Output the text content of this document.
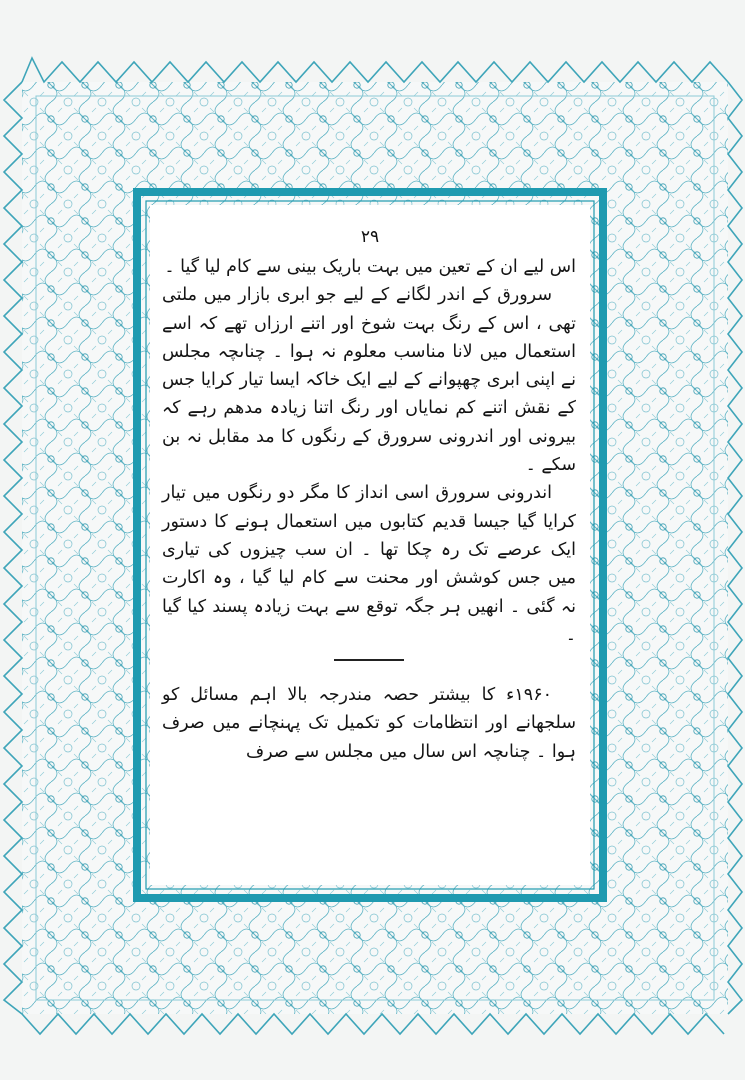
۲۹

اس لیے ان کے تعین میں بہت باریک بینی سے کام لیا گیا ۔

سرورق کے اندر لگانے کے لیے جو ابری بازار میں ملتی تھی ، اس کے رنگ بہت شوخ اور اتنے ارزاں تھے کہ اسے استعمال میں لانا مناسب معلوم نہ ہوا ۔ چناںچہ مجلس نے اپنی ابری چھپوانے کے لیے ایک خاکہ ایسا تیار کرایا جس کے نقش اتنے کم نمایاں اور رنگ اتنا زیادہ مدھم رہے کہ بیرونی اور اندرونی سرورق کے رنگوں کا مد مقابل نہ بن سکے ۔

اندرونی سرورق اسی انداز کا مگر دو رنگوں میں تیار کرایا گیا جیسا قدیم کتابوں میں استعمال ہونے کا دستور ایک عرصے تک رہ چکا تھا ۔ ان سب چیزوں کی تیاری میں جس کوشش اور محنت سے کام لیا گیا ، وہ اکارت نہ گئی ۔ انھیں ہر جگہ توقع سے بہت زیادہ پسند کیا گیا ۔

۱۹۶۰ء کا بیشتر حصہ مندرجہ بالا اہم مسائل کو سلجھانے اور انتظامات کو تکمیل تک پہنچانے میں صرف ہوا ۔ چناںچہ اس سال میں مجلس سے صرف
